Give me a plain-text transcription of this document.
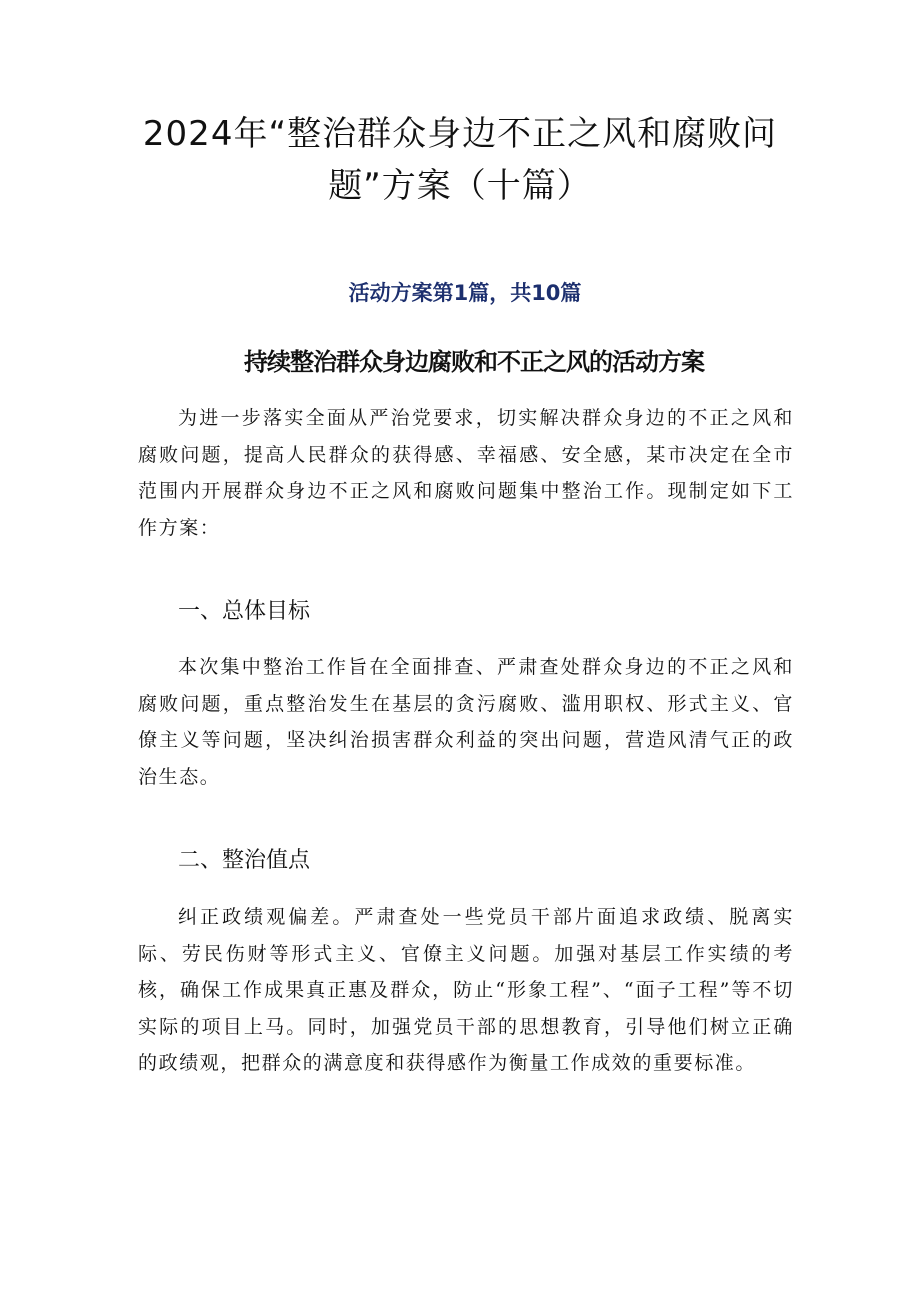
2024年“整治群众身边不正之风和腐败问题”方案（十篇）

活动方案第1篇，共10篇

持续整治群众身边腐败和不正之风的活动方案

为进一步落实全面从严治党要求，切实解决群众身边的不正之风和腐败问题，提高人民群众的获得感、幸福感、安全感，某市决定在全市范围内开展群众身边不正之风和腐败问题集中整治工作。现制定如下工作方案：

一、总体目标

本次集中整治工作旨在全面排查、严肃查处群众身边的不正之风和腐败问题，重点整治发生在基层的贪污腐败、滥用职权、形式主义、官僚主义等问题，坚决纠治损害群众利益的突出问题，营造风清气正的政治生态。

二、整治值点

纠正政绩观偏差。严肃查处一些党员干部片面追求政绩、脱离实际、劳民伤财等形式主义、官僚主义问题。加强对基层工作实绩的考核，确保工作成果真正惠及群众，防止“形象工程”、“面子工程”等不切实际的项目上马。同时，加强党员干部的思想教育，引导他们树立正确的政绩观，把群众的满意度和获得感作为衡量工作成效的重要标准。
